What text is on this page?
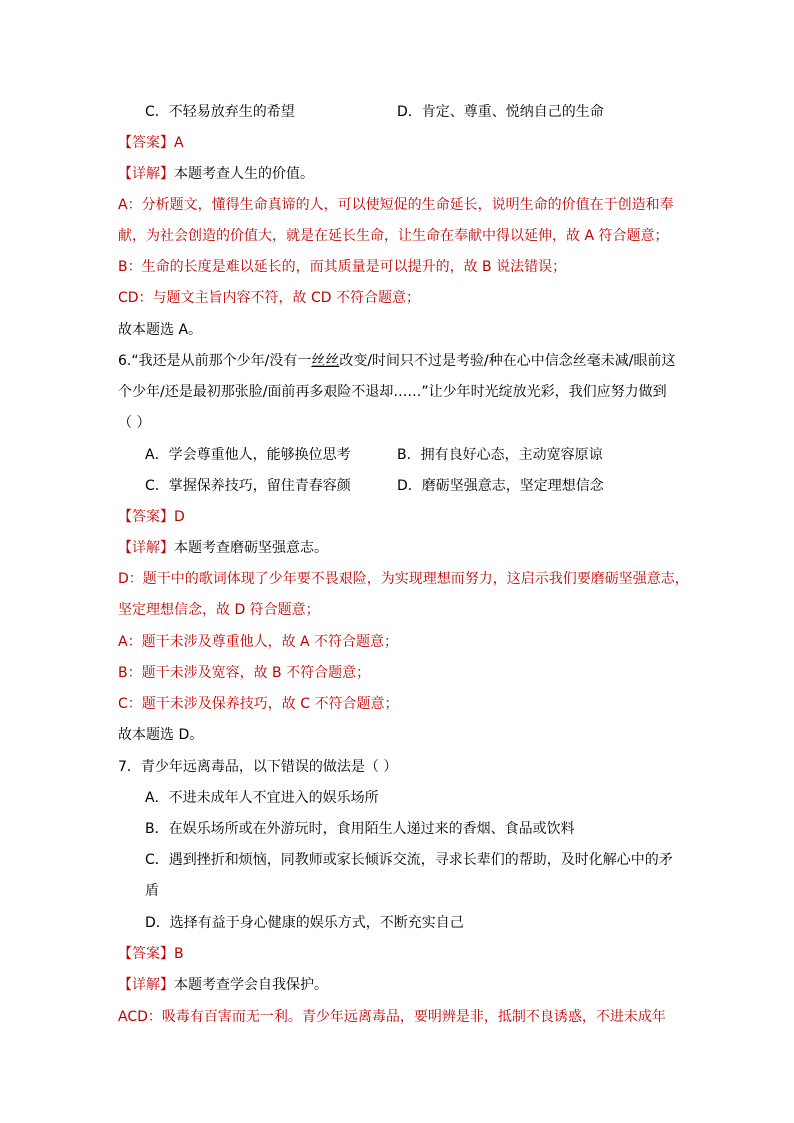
C．不轻易放弃生的希望	D．肯定、尊重、悦纳自己的生命
【答案】A
【详解】本题考查人生的价值。
A：分析题文，懂得生命真谛的人，可以使短促的生命延长，说明生命的价值在于创造和奉
献，为社会创造的价值大，就是在延长生命，让生命在奉献中得以延伸，故 A 符合题意；
B：生命的长度是难以延长的，而其质量是可以提升的，故 B 说法错误；
CD：与题文主旨内容不符，故 CD 不符合题意；
故本题选 A。
6.“我还是从前那个少年/没有一丝丝改变/时间只不过是考验/种在心中信念丝毫未减/眼前这
个少年/还是最初那张脸/面前再多艰险不退却……”让少年时光绽放光彩，我们应努力做到
（ ）
A．学会尊重他人，能够换位思考	B．拥有良好心态，主动宽容原谅
C．掌握保养技巧，留住青春容颜	D．磨砺坚强意志，坚定理想信念
【答案】D
【详解】本题考查磨砺坚强意志。
D：题干中的歌词体现了少年要不畏艰险，为实现理想而努力，这启示我们要磨砺坚强意志，
坚定理想信念，故 D 符合题意；
A：题干未涉及尊重他人，故 A 不符合题意；
B：题干未涉及宽容，故 B 不符合题意；
C：题干未涉及保养技巧，故 C 不符合题意；
故本题选 D。
7．青少年远离毒品，以下错误的做法是（ ）
A．不进未成年人不宜进入的娱乐场所
B．在娱乐场所或在外游玩时，食用陌生人递过来的香烟、食品或饮料
C．遇到挫折和烦恼，同教师或家长倾诉交流，寻求长辈们的帮助，及时化解心中的矛
盾
D．选择有益于身心健康的娱乐方式，不断充实自己
【答案】B
【详解】本题考查学会自我保护。
ACD：吸毒有百害而无一利。青少年远离毒品，要明辨是非，抵制不良诱惑，不进未成年
